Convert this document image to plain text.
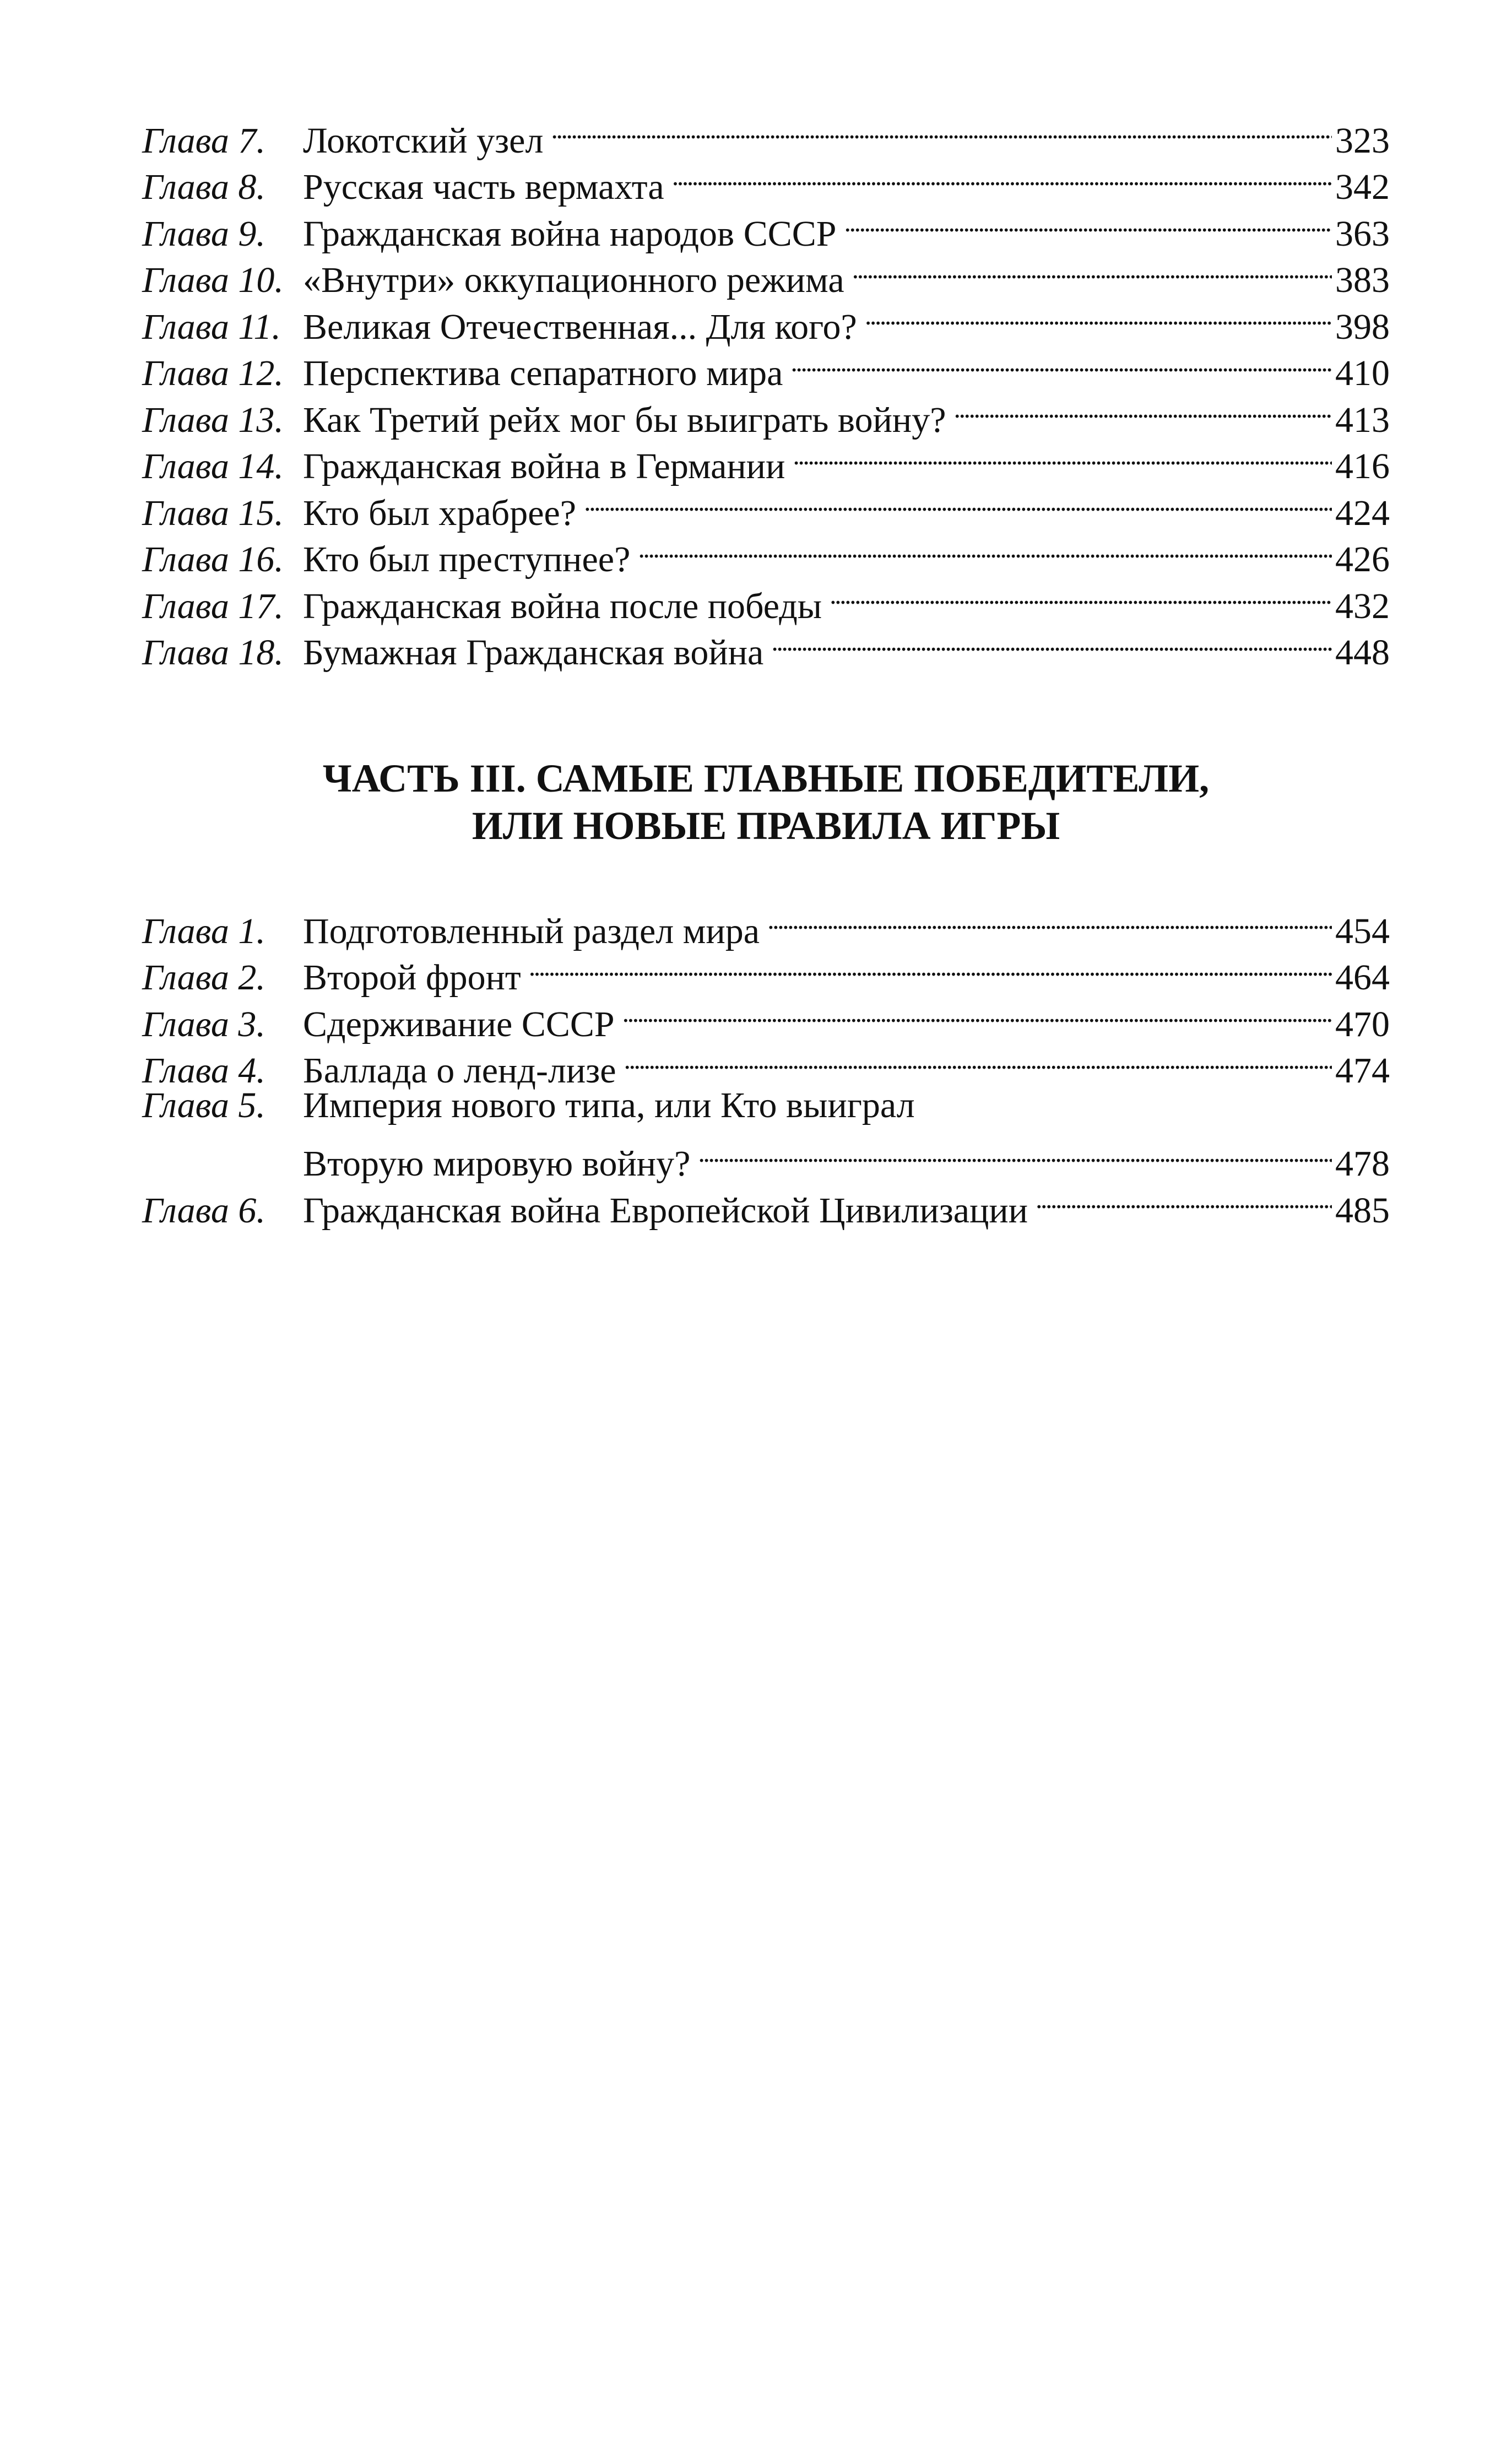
Глава 7.	Локотский узел . . .	323
Глава 8.	Русская часть вермахта . . .	342
Глава 9.	Гражданская война народов СССР . . .	363
Глава 10. «Внутри» оккупационного режима . . .	383
Глава 11. Великая Отечественная... Для кого? . . .	398
Глава 12. Перспектива сепаратного мира . . .	410
Глава 13. Как Третий рейх мог бы выиграть войну? . . .	413
Глава 14. Гражданская война в Германии . . .	416
Глава 15. Кто был храбрее? . . .	424
Глава 16. Кто был преступнее? . . .	426
Глава 17. Гражданская война после победы . . .	432
Глава 18. Бумажная Гражданская война . . .	448
ЧАСТЬ III. САМЫЕ ГЛАВНЫЕ ПОБЕДИТЕЛИ,
ИЛИ НОВЫЕ ПРАВИЛА ИГРЫ
Глава 1.	Подготовленный раздел мира . . .	454
Глава 2.	Второй фронт . . .	464
Глава 3.	Сдерживание СССР . . .	470
Глава 4.	Баллада о ленд-лизе . . .	474
Глава 5.	Империя нового типа, или Кто выиграл
Вторую мировую войну? . . .	478
Глава 6.	Гражданская война Европейской Цивилизации . . .	485
